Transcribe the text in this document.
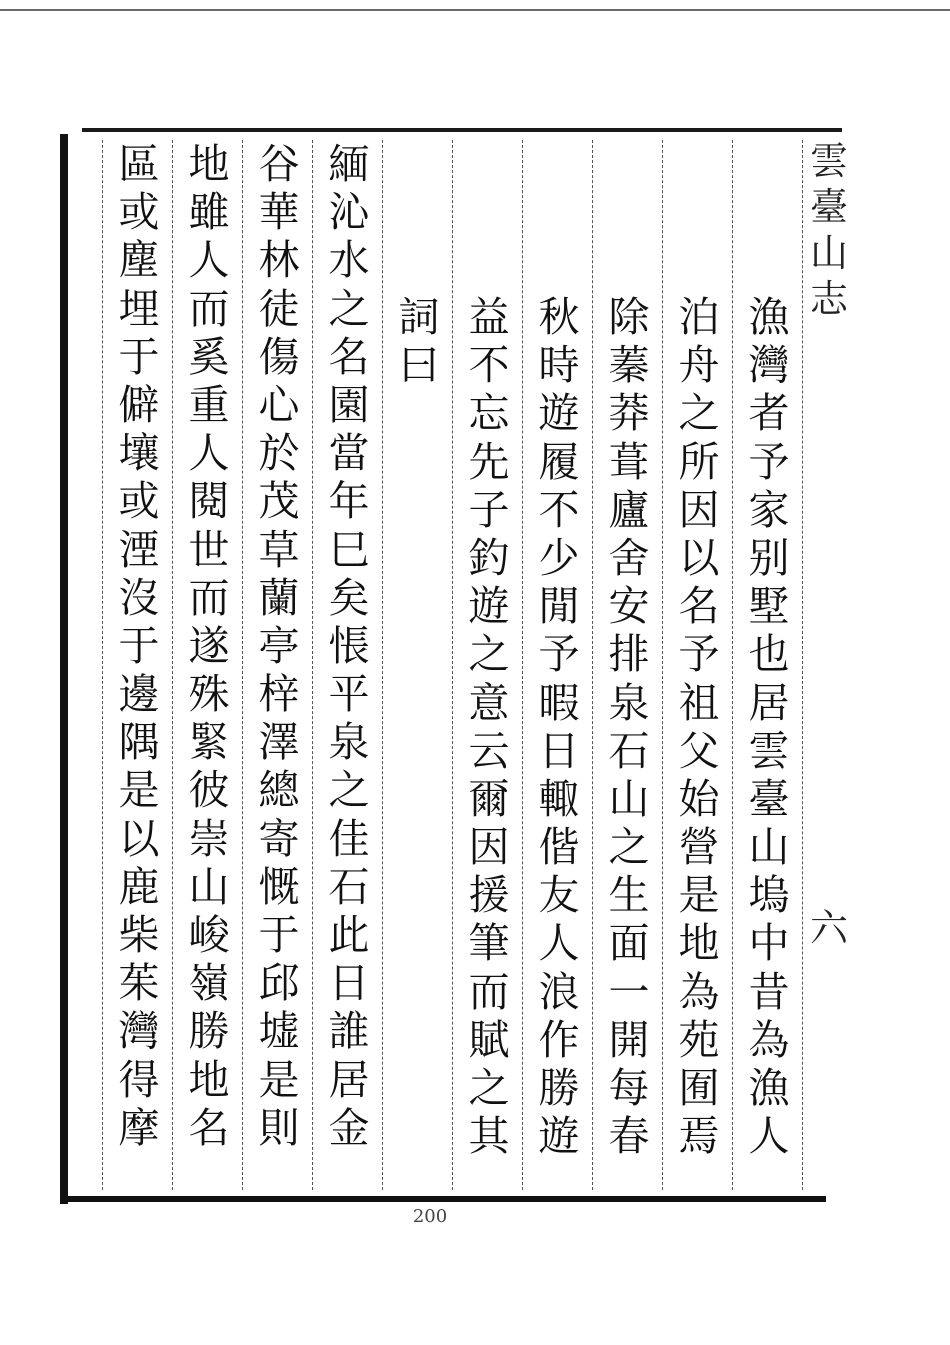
雲
臺
山
志
六
漁
灣
者
予
家
别
墅
也
居
雲
臺
山
塢
中
昔
為
漁
人
泊
舟
之
所
因
以
名
予
祖
父
始
營
是
地
為
苑
囿
焉
除
蓁
莽
葺
廬
舍
安
排
泉
石
山
之
生
面
一
開
每
春
秋
時
遊
履
不
少
閒
予
暇
日
輙
偕
友
人
浪
作
勝
遊
益
不
忘
先
子
釣
遊
之
意
云
爾
因
援
筆
而
賦
之
其
詞
曰
緬
沁
水
之
名
園
當
年
巳
矣
悵
平
泉
之
佳
石
此
日
誰
居
金
谷
華
林
徒
傷
心
於
茂
草
蘭
亭
梓
澤
總
寄
慨
于
邱
墟
是
則
地
雖
人
而
奚
重
人
閱
世
而
遂
殊
緊
彼
崇
山
峻
嶺
勝
地
名
區
或
塵
埋
于
僻
壤
或
湮
沒
于
邊
隅
是
以
鹿
柴
茱
灣
得
摩
200
